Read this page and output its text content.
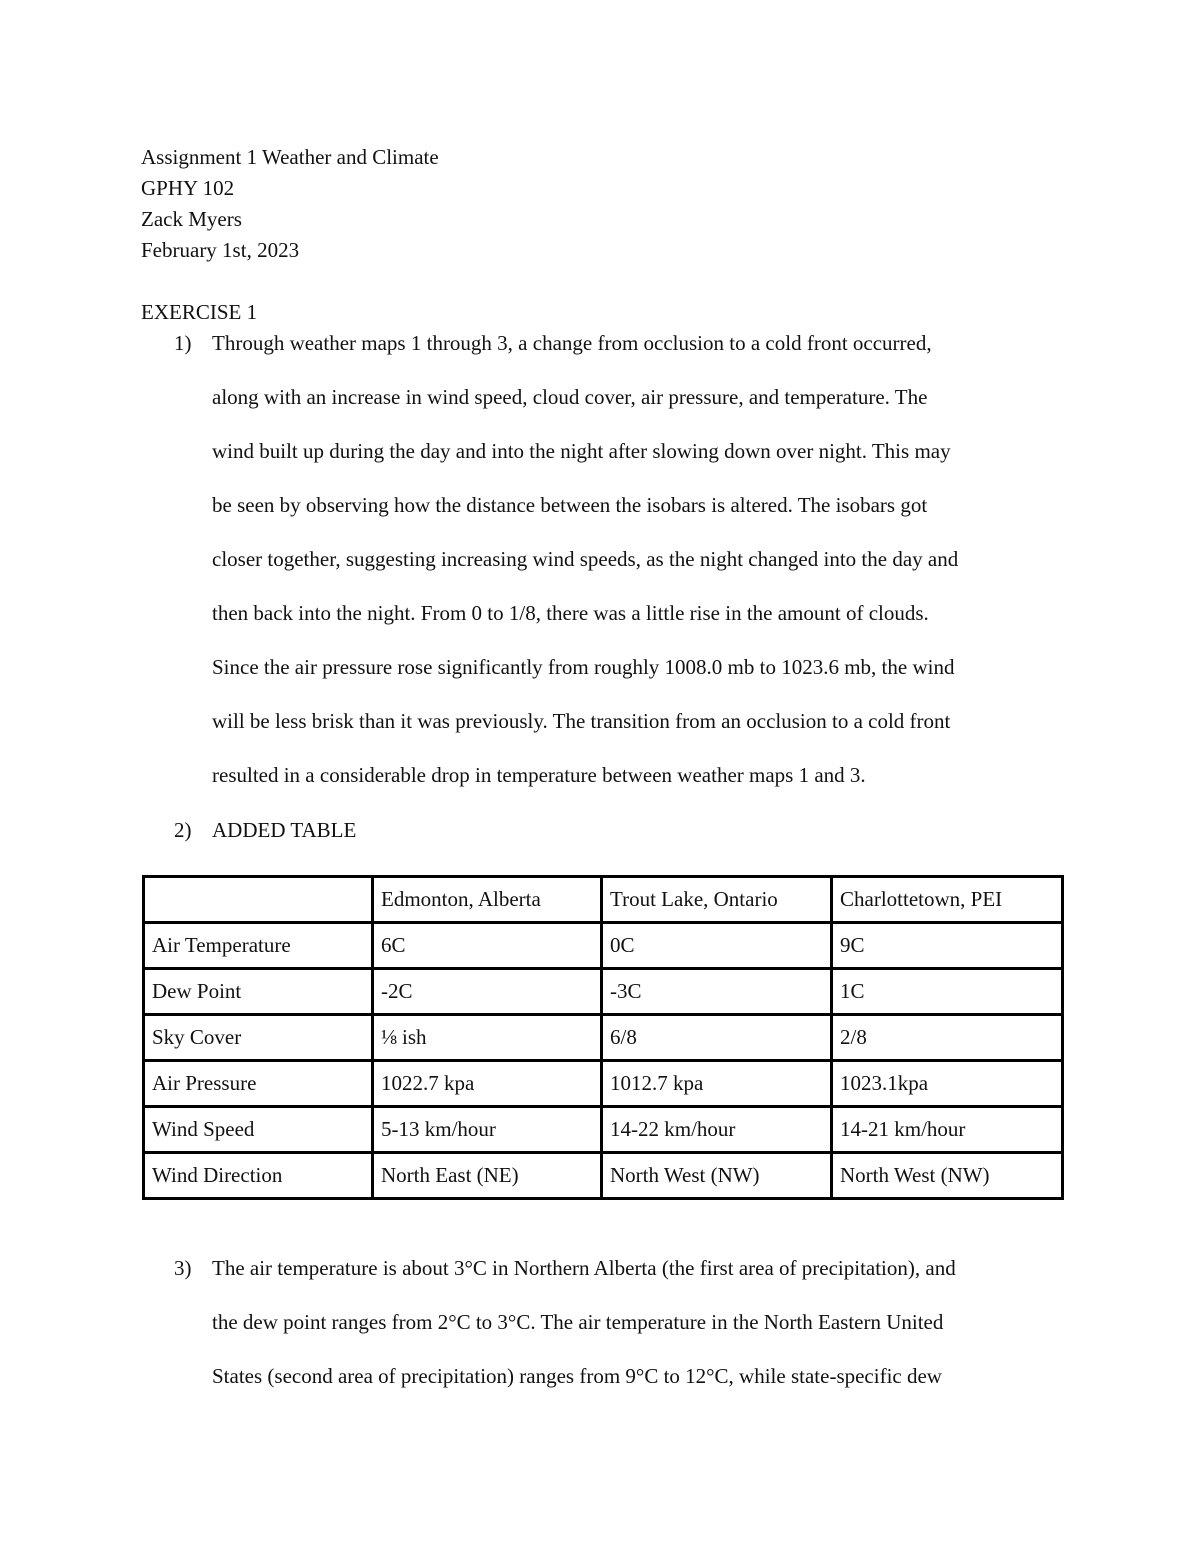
Assignment 1 Weather and Climate
GPHY 102
Zack Myers
February 1st, 2023
EXERCISE 1
1) Through weather maps 1 through 3, a change from occlusion to a cold front occurred,
along with an increase in wind speed, cloud cover, air pressure, and temperature. The
wind built up during the day and into the night after slowing down over night. This may
be seen by observing how the distance between the isobars is altered. The isobars got
closer together, suggesting increasing wind speeds, as the night changed into the day and
then back into the night. From 0 to 1/8, there was a little rise in the amount of clouds.
Since the air pressure rose significantly from roughly 1008.0 mb to 1023.6 mb, the wind
will be less brisk than it was previously. The transition from an occlusion to a cold front
resulted in a considerable drop in temperature between weather maps 1 and 3.
2) ADDED TABLE
	Edmonton, Alberta	Trout Lake, Ontario	Charlottetown, PEI
Air Temperature	6C	0C	9C
Dew Point	-2C	-3C	1C
Sky Cover	⅛ ish	6/8	2/8
Air Pressure	1022.7 kpa	1012.7 kpa	1023.1kpa
Wind Speed	5-13 km/hour	14-22 km/hour	14-21 km/hour
Wind Direction	North East (NE)	North West (NW)	North West (NW)
3) The air temperature is about 3°C in Northern Alberta (the first area of precipitation), and
the dew point ranges from 2°C to 3°C. The air temperature in the North Eastern United
States (second area of precipitation) ranges from 9°C to 12°C, while state-specific dew
